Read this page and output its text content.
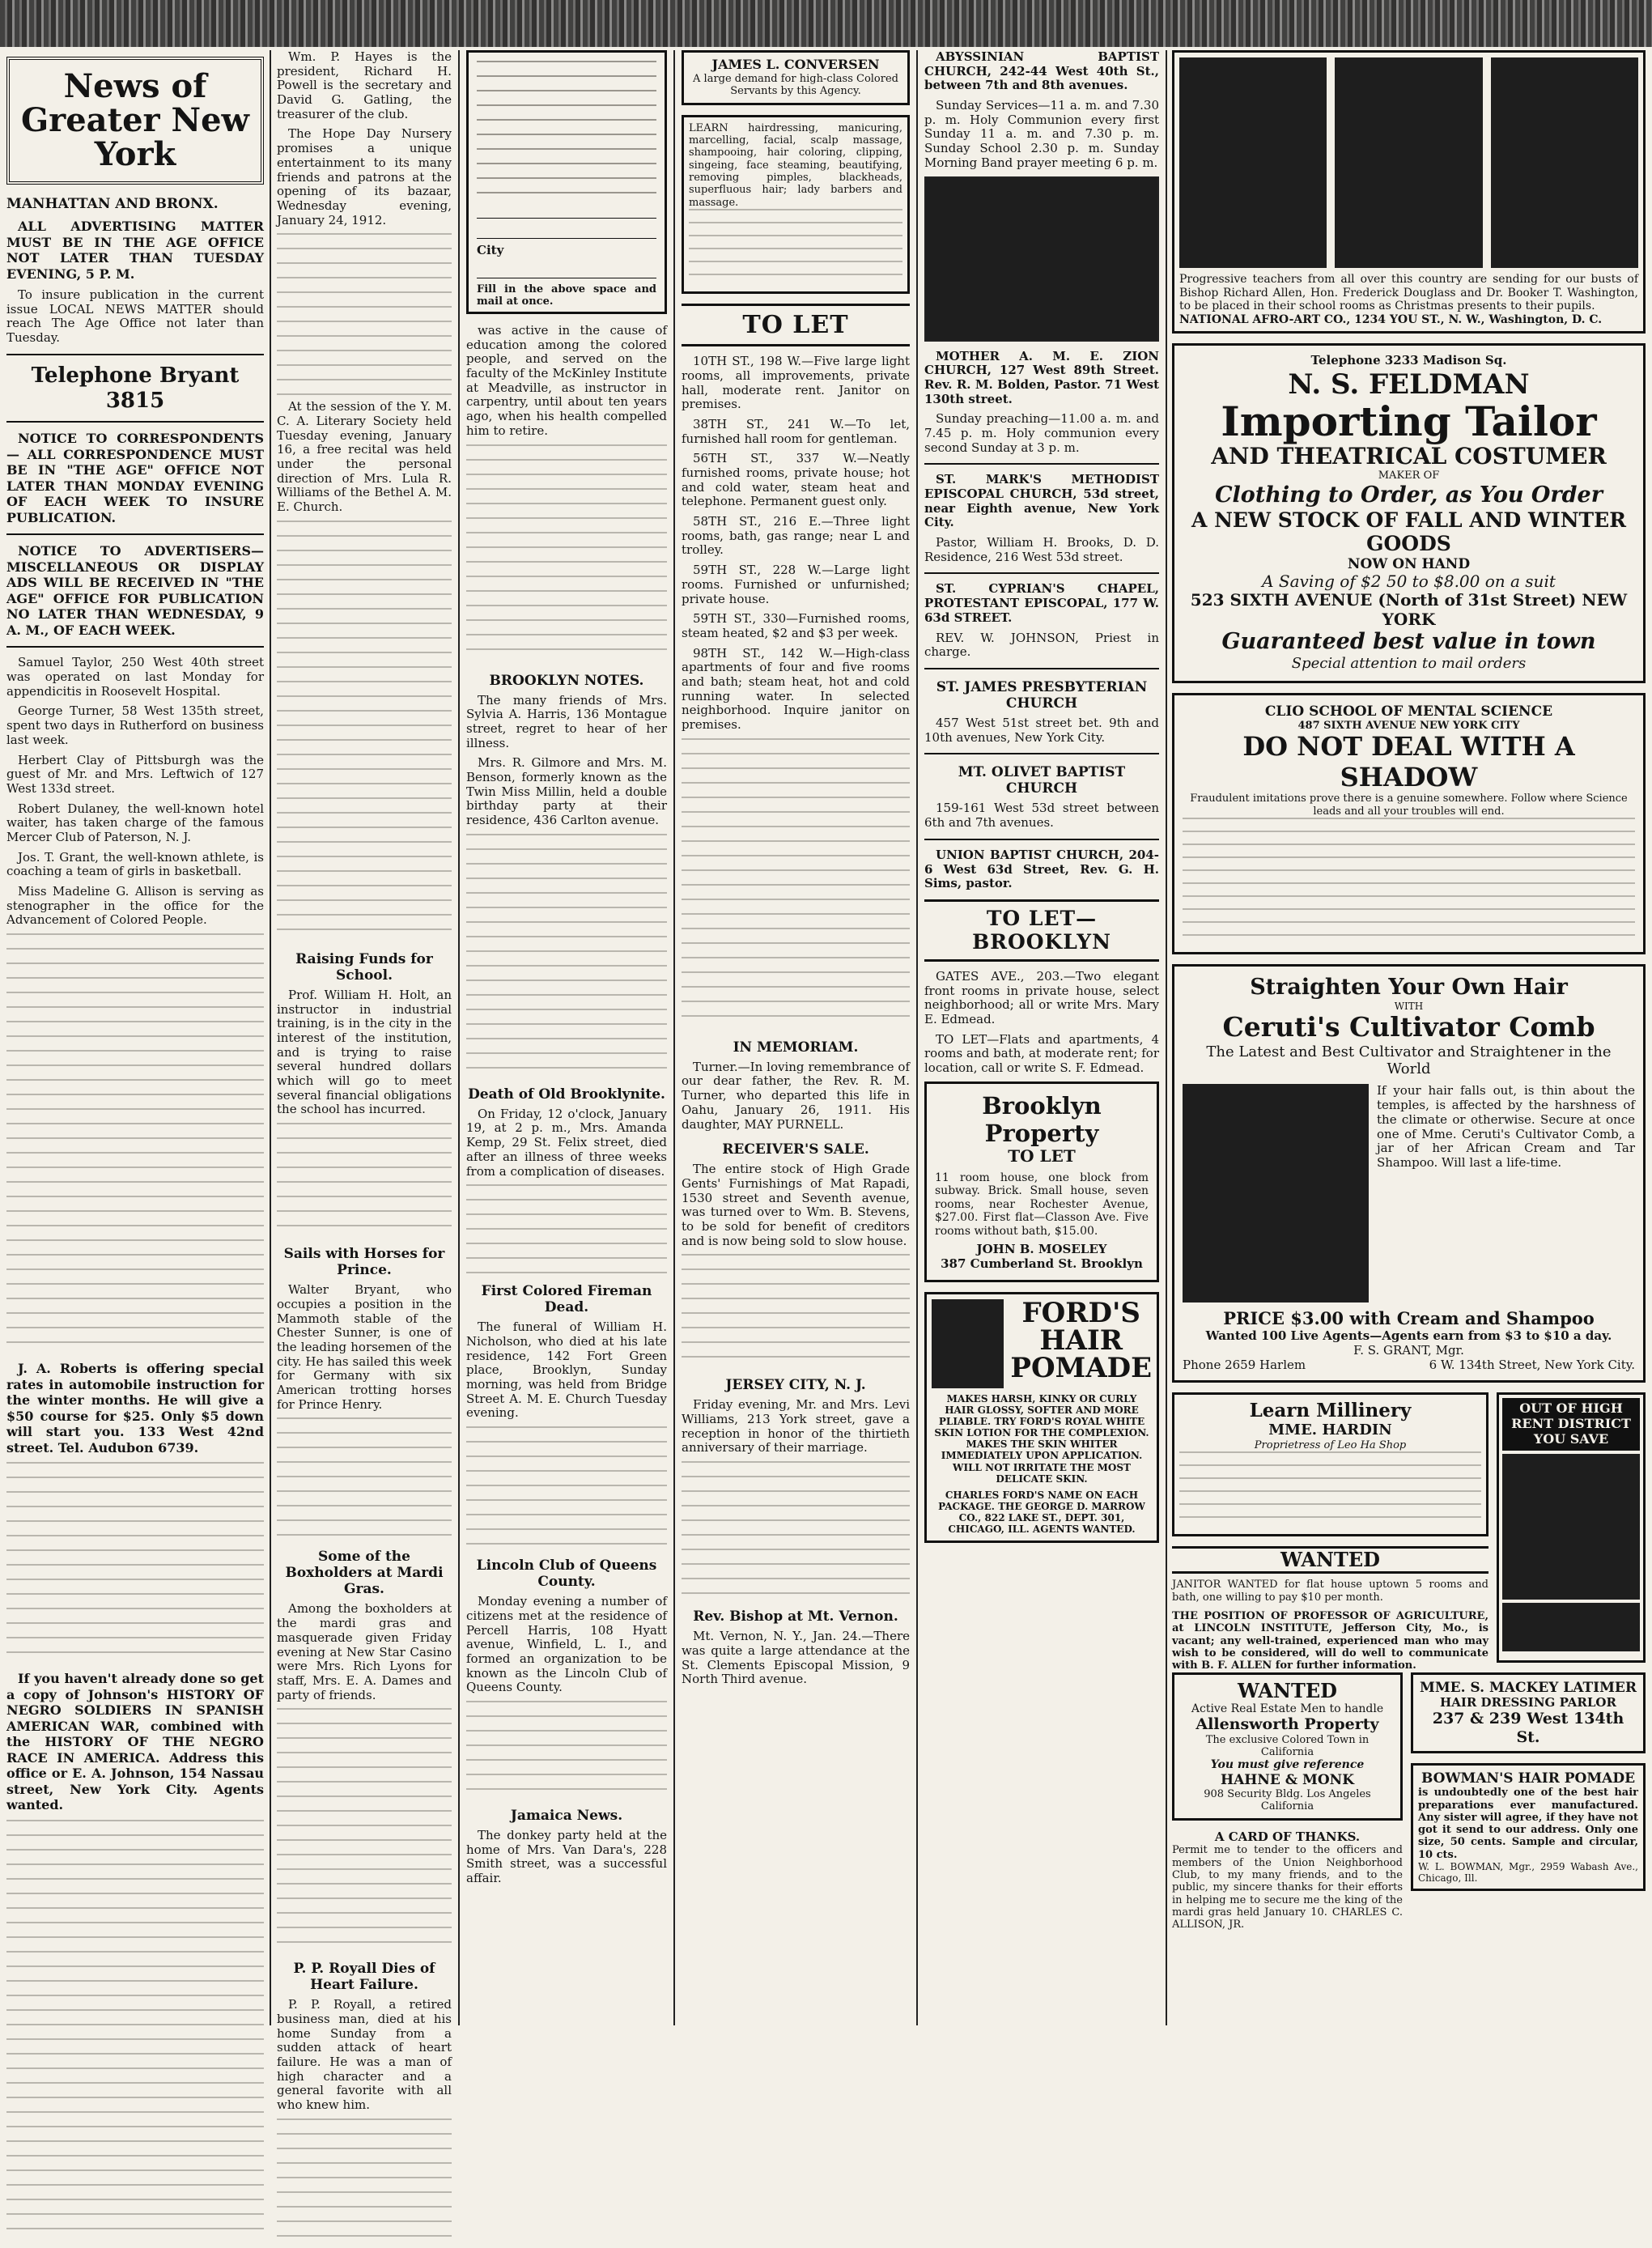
News of Greater New York
MANHATTAN AND BRONX.

ALL ADVERTISING MATTER MUST BE IN THE AGE OFFICE NOT LATER THAN TUESDAY EVENING, 5 P. M.

To insure publication in the current issue LOCAL NEWS MATTER should reach The Age Office not later than Tuesday.

Telephone Bryant 3815

NOTICE TO CORRESPONDENTS— ALL CORRESPONDENCE MUST BE IN "THE AGE" OFFICE NOT LATER THAN MONDAY EVENING OF EACH WEEK TO INSURE PUBLICATION.

NOTICE TO ADVERTISERS—MISCELLANEOUS OR DISPLAY ADS WILL BE RECEIVED IN "THE AGE" OFFICE FOR PUBLICATION NO LATER THAN WEDNESDAY, 9 A. M., OF EACH WEEK.

Samuel Taylor, 250 West 40th street was operated on last Monday for appendicitis in Roosevelt Hospital.

George Turner, 58 West 135th street, spent two days in Rutherford on business last week.

Herbert Clay of Pittsburgh was the guest of Mr. and Mrs. Leftwich of 127 West 133d street.

Robert Dulaney, the well-known hotel waiter, has taken charge of the famous Mercer Club of Paterson, N. J.

Jos. T. Grant, the well-known athlete, is coaching a team of girls in basketball.

Miss Madeline G. Allison is serving as stenographer in the office for the Advancement of Colored People.

J. A. Roberts is offering special rates in automobile instruction for the winter months. He will give a $50 course for $25. Only $5 down will start you. 133 West 42nd street. Tel. Audubon 6739.

If you haven't already done so get a copy of Johnson's HISTORY OF NEGRO SOLDIERS IN SPANISH AMERICAN WAR, combined with the HISTORY OF THE NEGRO RACE IN AMERICA. Address this office or E. A. Johnson, 154 Nassau street, New York City. Agents wanted.

Wm. P. Hayes is the president, Richard H. Powell is the secretary and David G. Gatling, the treasurer of the club.

The Hope Day Nursery promises a unique entertainment to its many friends and patrons at the opening of its bazaar, Wednesday evening, January 24, 1912.

At the session of the Y. M. C. A. Literary Society held Tuesday evening, January 16, a free recital was held under the personal direction of Mrs. Lula R. Williams of the Bethel A. M. E. Church.

Raising Funds for School.

Prof. William H. Holt, an instructor in industrial training, is in the city in the interest of the institution, and is trying to raise several hundred dollars which will go to meet several financial obligations the school has incurred.

Sails with Horses for Prince.

Walter Bryant, who occupies a position in the Mammoth stable of the Chester Sunner, is one of the leading horsemen of the city. He has sailed this week for Germany with six American trotting horses for Prince Henry.

Some of the Boxholders at Mardi Gras.

Among the boxholders at the mardi gras and masquerade given Friday evening at New Star Casino were Mrs. Rich Lyons for staff, Mrs. E. A. Dames and party of friends.

P. P. Royall Dies of Heart Failure.

P. P. Royall, a retired business man, died at his home Sunday from a sudden attack of heart failure. He was a man of high character and a general favorite with all who knew him.

City
Fill in the above space and mail at once.

was active in the cause of education among the colored people, and served on the faculty of the McKinley Institute at Meadville, as instructor in carpentry, until about ten years ago, when his health compelled him to retire.

BROOKLYN NOTES.

The many friends of Mrs. Sylvia A. Harris, 136 Montague street, regret to hear of her illness.

Mrs. R. Gilmore and Mrs. M. Benson, formerly known as the Twin Miss Millin, held a double birthday party at their residence, 436 Carlton avenue.

Death of Old Brooklynite.

On Friday, 12 o'clock, January 19, at 2 p. m., Mrs. Amanda Kemp, 29 St. Felix street, died after an illness of three weeks from a complication of diseases.

First Colored Fireman Dead.

The funeral of William H. Nicholson, who died at his late residence, 142 Fort Green place, Brooklyn, Sunday morning, was held from Bridge Street A. M. E. Church Tuesday evening.

Lincoln Club of Queens County.

Monday evening a number of citizens met at the residence of Percell Harris, 108 Hyatt avenue, Winfield, L. I., and formed an organization to be known as the Lincoln Club of Queens County.

Jamaica News.

The donkey party held at the home of Mrs. Van Dara's, 228 Smith street, was a successful affair.

JAMES L. CONVERSEN
A large demand for high-class Colored Servants by this Agency.
LEARN hairdressing, manicuring, marcelling, facial, scalp massage, shampooing, hair coloring, clipping, singeing, face steaming, beautifying, removing pimples, blackheads, superfluous hair; lady barbers and massage.
TO LET

10TH ST., 198 W.—Five large light rooms, all improvements, private hall, moderate rent. Janitor on premises.

38TH ST., 241 W.—To let, furnished hall room for gentleman.

56TH ST., 337 W.—Neatly furnished rooms, private house; hot and cold water, steam heat and telephone. Permanent guest only.

58TH ST., 216 E.—Three light rooms, bath, gas range; near L and trolley.

59TH ST., 228 W.—Large light rooms. Furnished or unfurnished; private house.

59TH ST., 330—Furnished rooms, steam heated, $2 and $3 per week.

98TH ST., 142 W.—High-class apartments of four and five rooms and bath; steam heat, hot and cold running water. In selected neighborhood. Inquire janitor on premises.

IN MEMORIAM.

Turner.—In loving remembrance of our dear father, the Rev. R. M. Turner, who departed this life in Oahu, January 26, 1911. His daughter, MAY PURNELL.

RECEIVER'S SALE.

The entire stock of High Grade Gents' Furnishings of Mat Rapadi, 1530 street and Seventh avenue, was turned over to Wm. B. Stevens, to be sold for benefit of creditors and is now being sold to slow house.

JERSEY CITY, N. J.

Friday evening, Mr. and Mrs. Levi Williams, 213 York street, gave a reception in honor of the thirtieth anniversary of their marriage.

Rev. Bishop at Mt. Vernon.

Mt. Vernon, N. Y., Jan. 24.—There was quite a large attendance at the St. Clements Episcopal Mission, 9 North Third avenue.

ABYSSINIAN BAPTIST CHURCH, 242-44 West 40th St., between 7th and 8th avenues.

Sunday Services—11 a. m. and 7.30 p. m. Holy Communion every first Sunday 11 a. m. and 7.30 p. m. Sunday School 2.30 p. m. Sunday Morning Band prayer meeting 6 p. m.

MOTHER A. M. E. ZION CHURCH, 127 West 89th Street. Rev. R. M. Bolden, Pastor. 71 West 130th street.

Sunday preaching—11.00 a. m. and 7.45 p. m. Holy communion every second Sunday at 3 p. m.

ST. MARK'S METHODIST EPISCOPAL CHURCH, 53d street, near Eighth avenue, New York City.

Pastor, William H. Brooks, D. D. Residence, 216 West 53d street.

ST. CYPRIAN'S CHAPEL, PROTESTANT EPISCOPAL, 177 W. 63d STREET.

REV. W. JOHNSON, Priest in charge.

ST. JAMES PRESBYTERIAN CHURCH

457 West 51st street bet. 9th and 10th avenues, New York City.

MT. OLIVET BAPTIST CHURCH

159-161 West 53d street between 6th and 7th avenues.

UNION BAPTIST CHURCH, 204-6 West 63d Street, Rev. G. H. Sims, pastor.

TO LET—BROOKLYN

GATES AVE., 203.—Two elegant front rooms in private house, select neighborhood; all or write Mrs. Mary E. Edmead.

TO LET—Flats and apartments, 4 rooms and bath, at moderate rent; for location, call or write S. F. Edmead.

Brooklyn Property
TO LET
11 room house, one block from subway. Brick. Small house, seven rooms, near Rochester Avenue, $27.00. First flat—Classon Ave. Five rooms without bath, $15.00.
JOHN B. MOSELEY
387 Cumberland St. Brooklyn
FORD'S HAIR POMADE
MAKES HARSH, KINKY OR CURLY HAIR GLOSSY, SOFTER AND MORE PLIABLE. TRY FORD'S ROYAL WHITE SKIN LOTION FOR THE COMPLEXION. MAKES THE SKIN WHITER IMMEDIATELY UPON APPLICATION. WILL NOT IRRITATE THE MOST DELICATE SKIN.
CHARLES FORD'S NAME ON EACH PACKAGE. THE GEORGE D. MARROW CO., 822 LAKE ST., DEPT. 301, CHICAGO, ILL. AGENTS WANTED.
Progressive teachers from all over this country are sending for our busts of Bishop Richard Allen, Hon. Frederick Douglass and Dr. Booker T. Washington, to be placed in their school rooms as Christmas presents to their pupils.
NATIONAL AFRO-ART CO., 1234 YOU ST., N. W., Washington, D. C.
Telephone 3233 Madison Sq.
N. S. FELDMAN
Importing Tailor
AND THEATRICAL COSTUMER
MAKER OF
Clothing to Order, as You Order
A NEW STOCK OF FALL AND WINTER GOODS
NOW ON HAND
A Saving of $2 50 to $8.00 on a suit
523 SIXTH AVENUE (North of 31st Street) NEW YORK
Guaranteed best value in town
Special attention to mail orders
CLIO SCHOOL OF MENTAL SCIENCE
487 SIXTH AVENUE NEW YORK CITY
DO NOT DEAL WITH A SHADOW
Fraudulent imitations prove there is a genuine somewhere. Follow where Science leads and all your troubles will end.
Straighten Your Own Hair
WITH
Ceruti's Cultivator Comb
The Latest and Best Cultivator and Straightener in the World
If your hair falls out, is thin about the temples, is affected by the harshness of the climate or otherwise. Secure at once one of Mme. Ceruti's Cultivator Comb, a jar of her African Cream and Tar Shampoo. Will last a life-time.
PRICE $3.00 with Cream and Shampoo
Wanted 100 Live Agents—Agents earn from $3 to $10 a day.
F. S. GRANT, Mgr.
Phone 2659 Harlem	6 W. 134th Street, New York City.
Learn Millinery
MME. HARDIN
Proprietress of Leo Ha Shop
WANTED
JANITOR WANTED for flat house uptown 5 rooms and bath, one willing to pay $10 per month.
THE POSITION OF PROFESSOR OF AGRICULTURE, at LINCOLN INSTITUTE, Jefferson City, Mo., is vacant; any well-trained, experienced man who may wish to be considered, will do well to communicate with B. F. ALLEN for further information.
OUT OF HIGH RENT DISTRICT YOU SAVE
WANTED
Active Real Estate Men to handle
Allensworth Property
The exclusive Colored Town in California
You must give reference
HAHNE & MONK
908 Security Bldg. Los Angeles California
A CARD OF THANKS.
Permit me to tender to the officers and members of the Union Neighborhood Club, to my many friends, and to the public, my sincere thanks for their efforts in helping me to secure me the king of the mardi gras held January 10. CHARLES C. ALLISON, JR.
MME. S. MACKEY LATIMER
HAIR DRESSING PARLOR
237 & 239 West 134th St.
BOWMAN'S HAIR POMADE
is undoubtedly one of the best hair preparations ever manufactured. Any sister will agree, if they have not got it send to our address. Only one size, 50 cents. Sample and circular, 10 cts.
W. L. BOWMAN, Mgr., 2959 Wabash Ave., Chicago, Ill.
